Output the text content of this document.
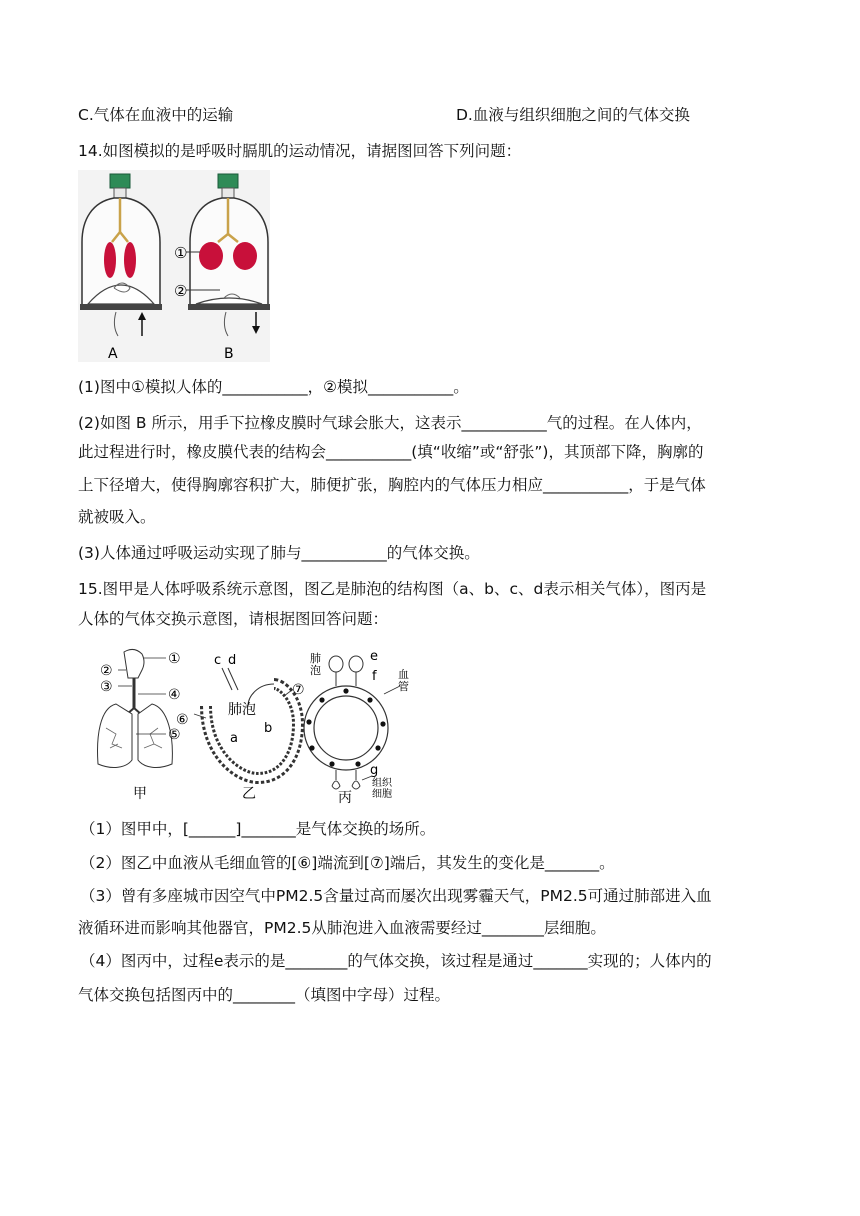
C.气体在血液中的运输	D.血液与组织细胞之间的气体交换
14.如图模拟的是呼吸时膈肌的运动情况，请据图回答下列问题：
①
②
A	B
(1)图中①模拟人体的___________，②模拟___________。
(2)如图 B 所示，用手下拉橡皮膜时气球会胀大，这表示___________气的过程。在人体内，
此过程进行时，橡皮膜代表的结构会___________(填“收缩”或“舒张”)，其顶部下降，胸廓的
上下径增大，使得胸廓容积扩大，肺便扩张，胸腔内的气体压力相应___________，于是气体
就被吸入。
(3)人体通过呼吸运动实现了肺与___________的气体交换。
15.图甲是人体呼吸系统示意图，图乙是肺泡的结构图（a、b、c、d表示相关气体），图丙是
人体的气体交换示意图，请根据图回答问题：
①
②
③	④
⑤
甲
c d
b
a
肺泡
⑥
⑦
乙
肺泡
e
f 血管
g
组织细胞
丙
（1）图甲中，[______]_______是气体交换的场所。
（2）图乙中血液从毛细血管的[⑥]端流到[⑦]端后，其发生的变化是_______。
（3）曾有多座城市因空气中PM2.5含量过高而屡次出现雾霾天气，PM2.5可通过肺部进入血
液循环进而影响其他器官，PM2.5从肺泡进入血液需要经过________层细胞。
（4）图丙中，过程e表示的是________的气体交换，该过程是通过_______实现的；人体内的
气体交换包括图丙中的________（填图中字母）过程。
